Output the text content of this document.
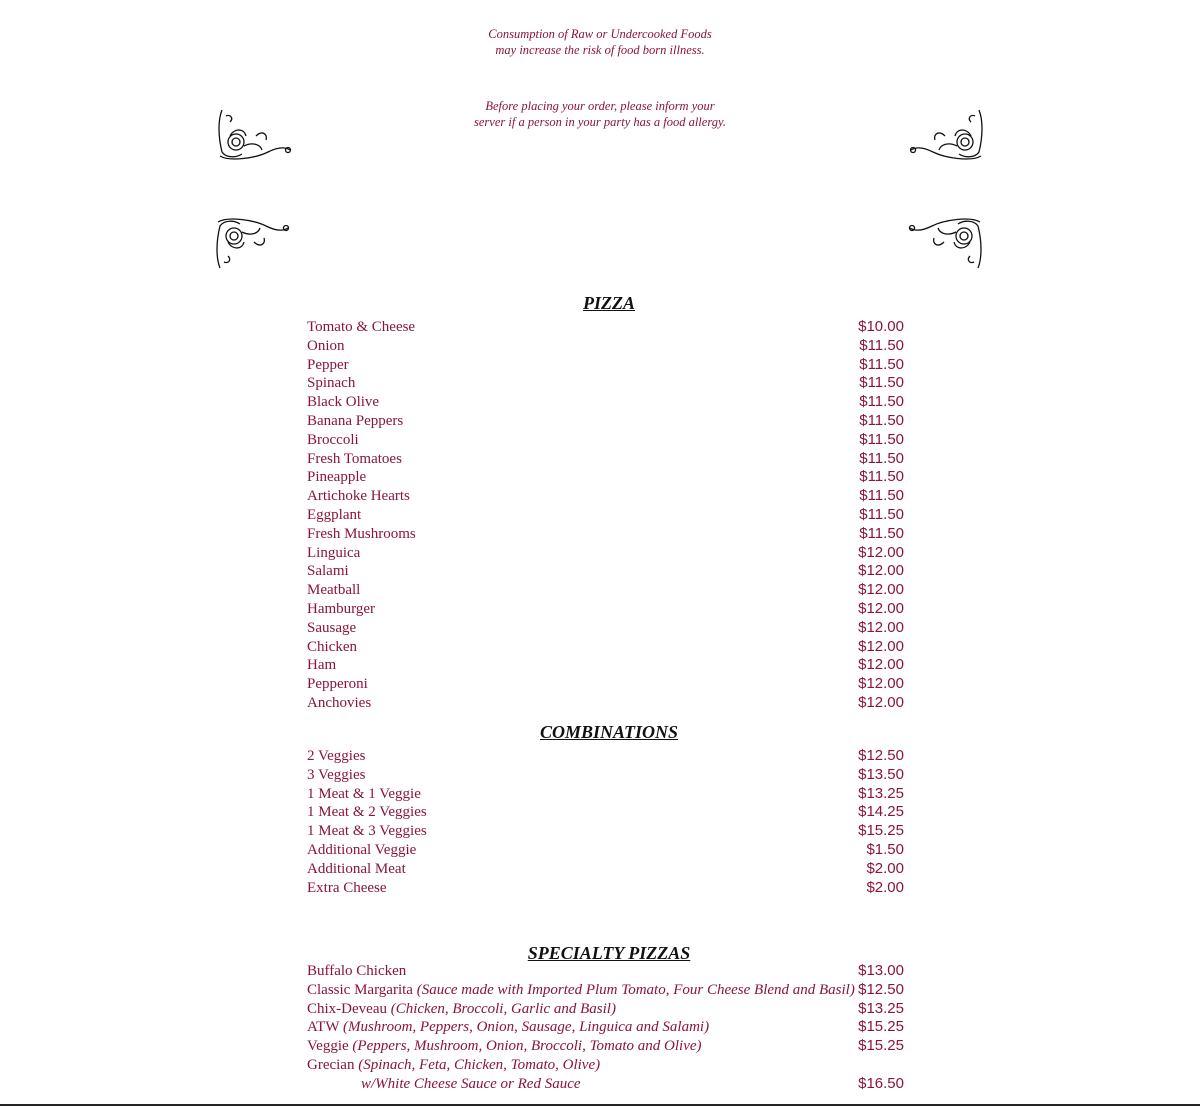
Consumption of Raw or Undercooked Foods
may increase the risk of food born illness.
Before placing your order, please inform your
server if a person in your party has a food allergy.
PIZZA
Tomato & Cheese	$10.00
Onion	$11.50
Pepper	$11.50
Spinach	$11.50
Black Olive	$11.50
Banana Peppers	$11.50
Broccoli	$11.50
Fresh Tomatoes	$11.50
Pineapple	$11.50
Artichoke Hearts	$11.50
Eggplant	$11.50
Fresh Mushrooms	$11.50
Linguica	$12.00
Salami	$12.00
Meatball	$12.00
Hamburger	$12.00
Sausage	$12.00
Chicken	$12.00
Ham	$12.00
Pepperoni	$12.00
Anchovies	$12.00
COMBINATIONS
2 Veggies	$12.50
3 Veggies	$13.50
1 Meat & 1 Veggie	$13.25
1 Meat & 2 Veggies	$14.25
1 Meat & 3 Veggies	$15.25
Additional Veggie	$1.50
Additional Meat	$2.00
Extra Cheese	$2.00
SPECIALTY PIZZAS
Buffalo Chicken	$13.00
Classic Margarita (Sauce made with Imported Plum Tomato, Four Cheese Blend and Basil) $12.50
Chix-Deveau (Chicken, Broccoli, Garlic and Basil)	$13.25
ATW (Mushroom, Peppers, Onion, Sausage, Linguica and Salami)	$15.25
Veggie (Peppers, Mushroom, Onion, Broccoli, Tomato and Olive)	$15.25
Grecian (Spinach, Feta, Chicken, Tomato, Olive)
w/White Cheese Sauce or Red Sauce	$16.50
